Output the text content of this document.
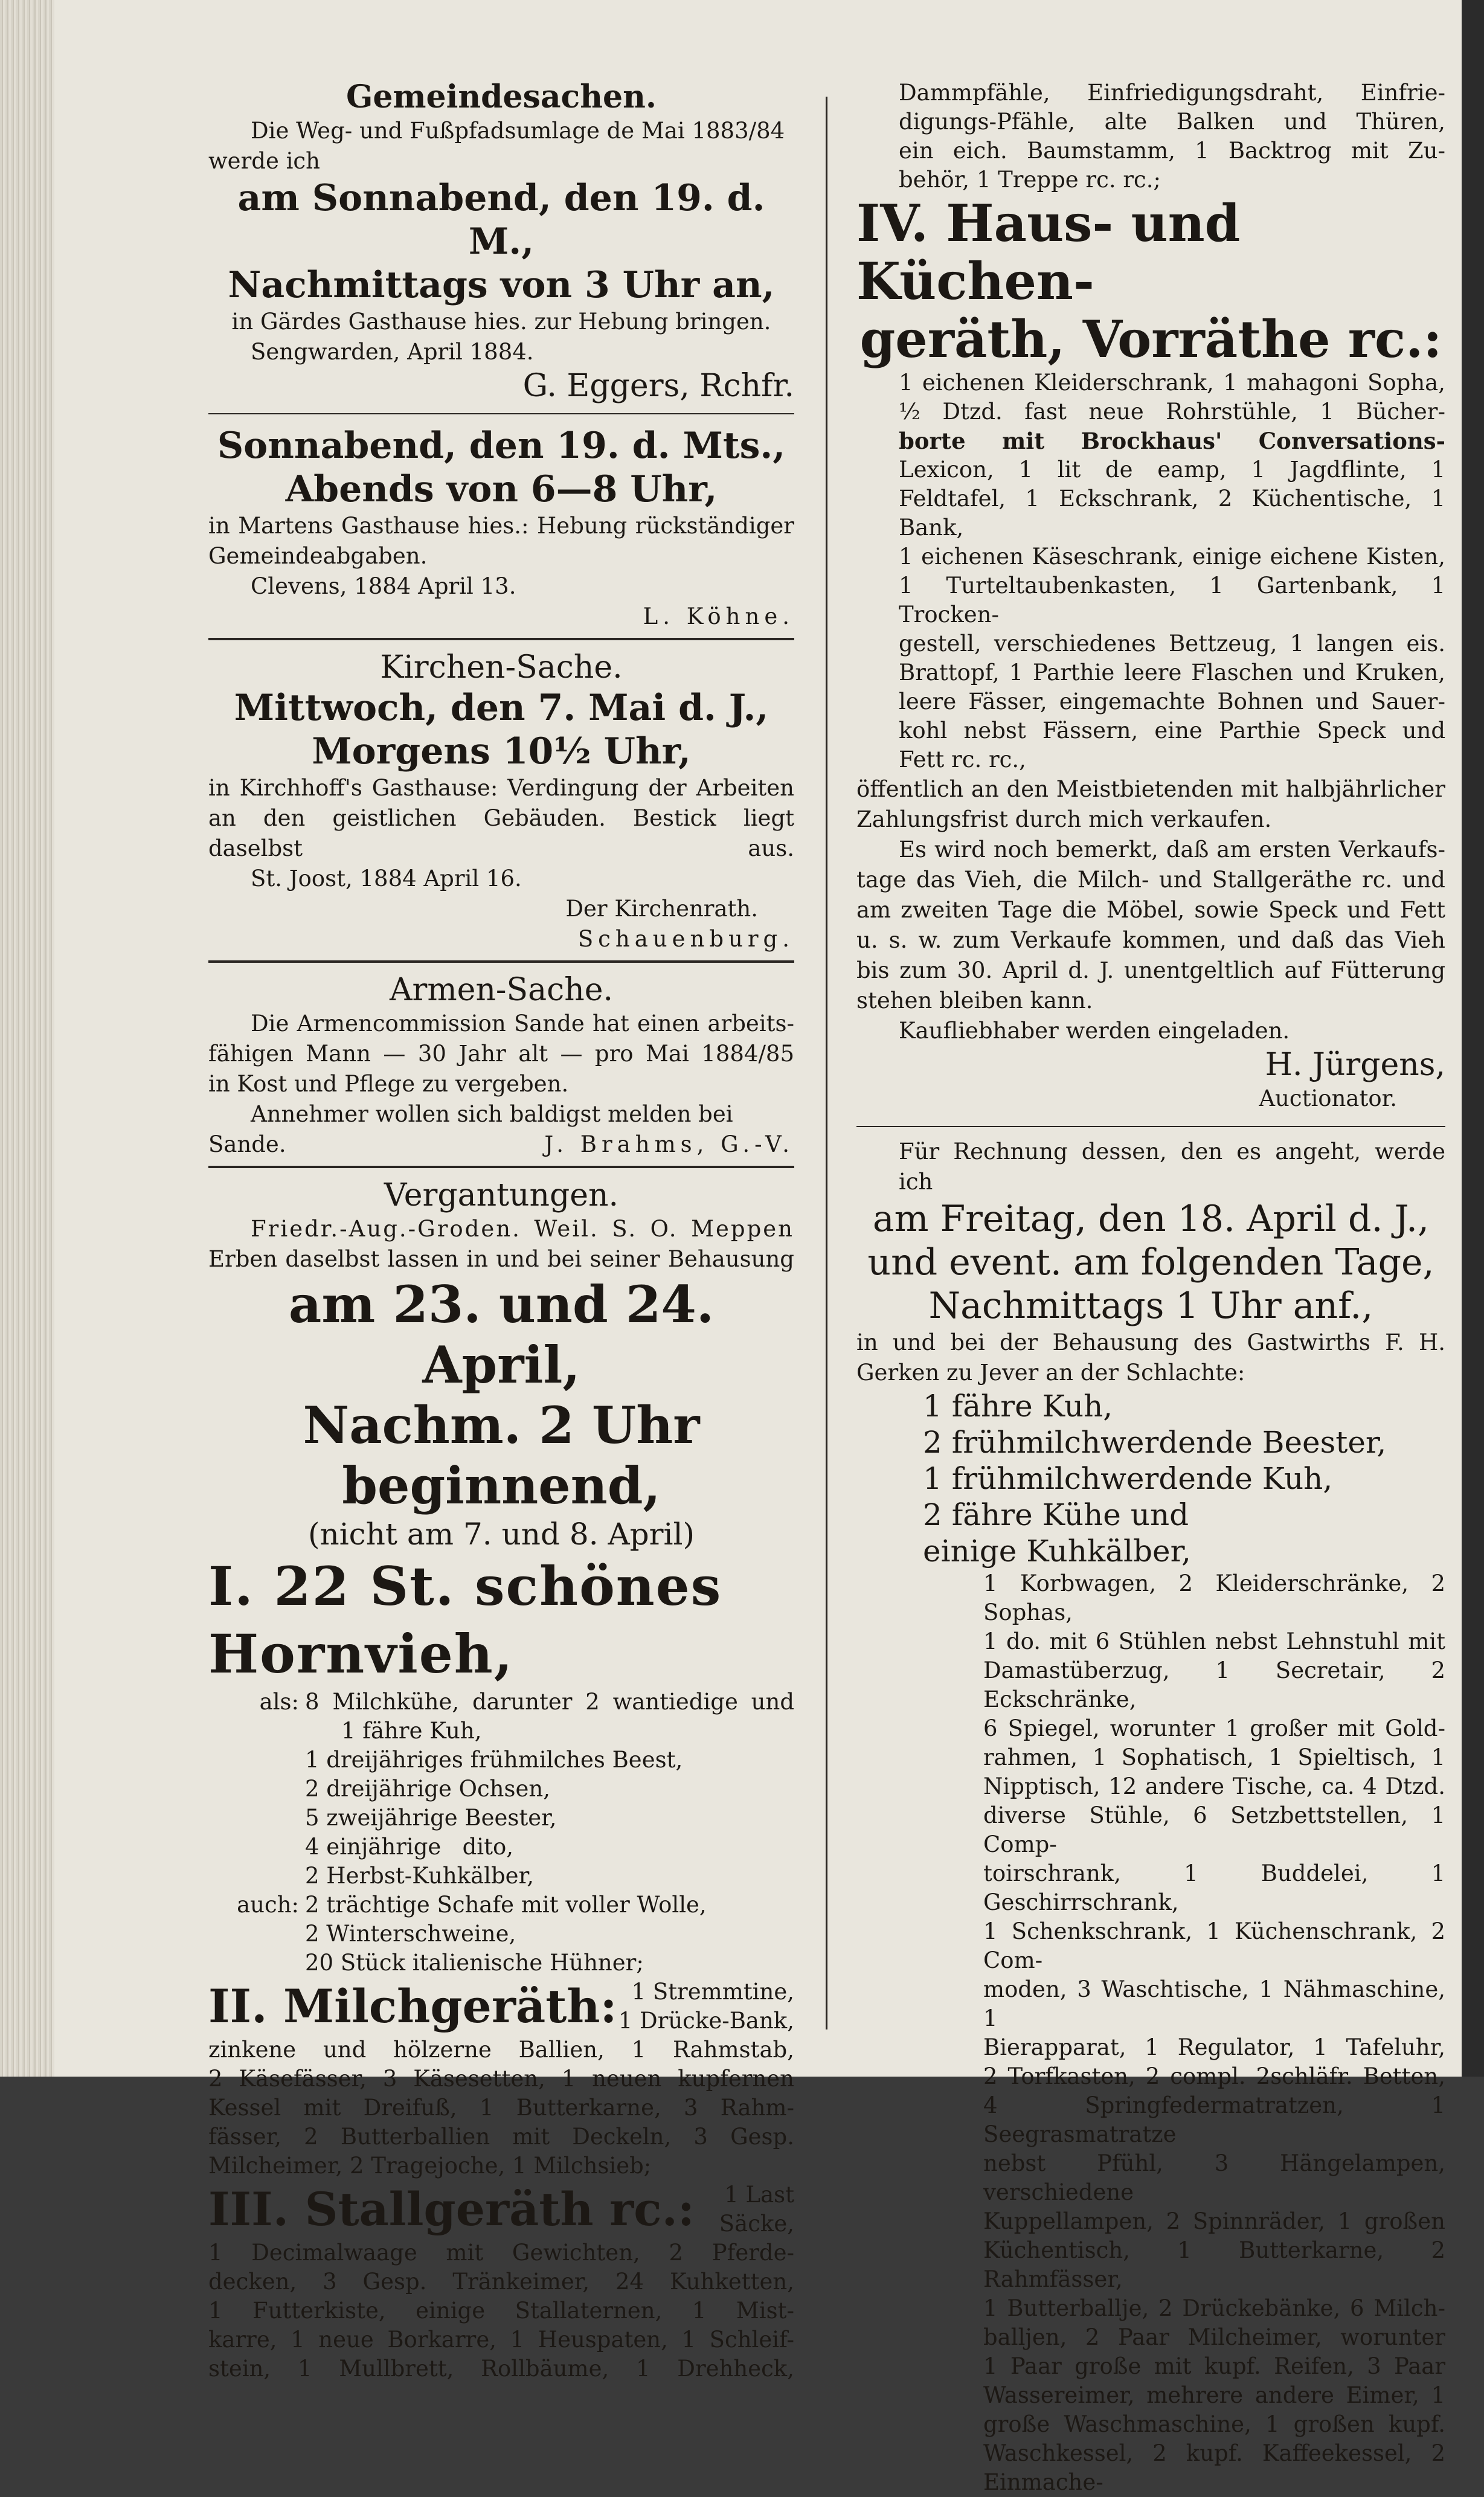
Gemeindesachen.

Die Weg- und Fußpfadsumlage de Mai 1883/84

werde ich

am Sonnabend, den 19. d. M.,

Nachmittags von 3 Uhr an,

in Gärdes Gasthause hies. zur Hebung bringen.

Sengwarden, April 1884.

G. Eggers, Rchfr.

Sonnabend, den 19. d. Mts.,

Abends von 6—8 Uhr,

in Martens Gasthause hies.: Hebung rückständiger

Gemeindeabgaben.

Clevens, 1884 April 13.

L. Köhne.

Kirchen-Sache.

Mittwoch, den 7. Mai d. J.,

Morgens 10½ Uhr,

in Kirchhoff's Gasthause: Verdingung der Arbeiten

an den geistlichen Gebäuden. Bestick liegt daselbst aus.

St. Joost, 1884 April 16.

Der Kirchenrath.

Schauenburg.

Armen-Sache.

Die Armencommission Sande hat einen arbeits-

fähigen Mann — 30 Jahr alt — pro Mai 1884/85

in Kost und Pflege zu vergeben.

Annehmer wollen sich baldigst melden bei

Sande.	J. Brahms, G.-V.

Vergantungen.

Friedr.-Aug.-Groden. Weil. S. O. Meppen

Erben daselbst lassen in und bei seiner Behausung

am 23. und 24. April,

Nachm. 2 Uhr beginnend,

(nicht am 7. und 8. April)

I. 22 St. schönes Hornvieh,

als: 8 Milchkühe, darunter 2 wantiedige und

1 fähre Kuh,

1 dreijähriges frühmilches Beest,

2 dreijährige Ochsen,

5 zweijährige Beester,

4 einjährige   dito,

2 Herbst-Kuhkälber,

auch: 2 trächtige Schafe mit voller Wolle,

2 Winterschweine,

20 Stück italienische Hühner;

II. Milchgeräth: 1 Stremmtine,

1 Drücke-Bank,

zinkene und hölzerne Ballien, 1 Rahmstab,

2 Käsefässer, 3 Käsesetten, 1 neuen kupfernen

Kessel mit Dreifuß, 1 Butterkarne, 3 Rahm-

fässer, 2 Butterballien mit Deckeln, 3 Gesp.

Milcheimer, 2 Tragejoche, 1 Milchsieb;

III. Stallgeräth rc.:	1 Last

Säcke,

1 Decimalwaage mit Gewichten, 2 Pferde-

decken, 3 Gesp. Tränkeimer, 24 Kuhketten,

1 Futterkiste, einige Stallaternen, 1 Mist-

karre, 1 neue Borkarre, 1 Heuspaten, 1 Schleif-

stein, 1 Mullbrett, Rollbäume, 1 Drehheck,

Dammpfähle, Einfriedigungsdraht, Einfrie-

digungs-Pfähle, alte Balken und Thüren,

ein eich. Baumstamm, 1 Backtrog mit Zu-

behör, 1 Treppe rc. rc.;

IV. Haus- und Küchen-

geräth, Vorräthe rc.:

1 eichenen Kleiderschrank, 1 mahagoni Sopha,

½ Dtzd. fast neue Rohrstühle, 1 Bücher-

borte mit Brockhaus' Conversations-

Lexicon, 1 lit de eamp, 1 Jagdflinte, 1

Feldtafel, 1 Eckschrank, 2 Küchentische, 1 Bank,

1 eichenen Käseschrank, einige eichene Kisten,

1 Turteltaubenkasten, 1 Gartenbank, 1 Trocken-

gestell, verschiedenes Bettzeug, 1 langen eis.

Brattopf, 1 Parthie leere Flaschen und Kruken,

leere Fässer, eingemachte Bohnen und Sauer-

kohl nebst Fässern, eine Parthie Speck und

Fett rc. rc.,

öffentlich an den Meistbietenden mit halbjährlicher

Zahlungsfrist durch mich verkaufen.

Es wird noch bemerkt, daß am ersten Verkaufs-

tage das Vieh, die Milch- und Stallgeräthe rc. und

am zweiten Tage die Möbel, sowie Speck und Fett

u. s. w. zum Verkaufe kommen, und daß das Vieh

bis zum 30. April d. J. unentgeltlich auf Fütterung

stehen bleiben kann.

Kaufliebhaber werden eingeladen.

H. Jürgens,

Auctionator.

Für Rechnung dessen, den es angeht, werde ich

am Freitag, den 18. April d. J.,

und event. am folgenden Tage,

Nachmittags 1 Uhr anf.,

in und bei der Behausung des Gastwirths F. H.

Gerken zu Jever an der Schlachte:

1 fähre Kuh,

2 frühmilchwerdende Beester,

1 frühmilchwerdende Kuh,

2 fähre Kühe und

einige Kuhkälber,

1 Korbwagen, 2 Kleiderschränke, 2 Sophas,

1 do. mit 6 Stühlen nebst Lehnstuhl mit

Damastüberzug, 1 Secretair, 2 Eckschränke,

6 Spiegel, worunter 1 großer mit Gold-

rahmen, 1 Sophatisch, 1 Spieltisch, 1

Nipptisch, 12 andere Tische, ca. 4 Dtzd.

diverse Stühle, 6 Setzbettstellen, 1 Comp-

toirschrank, 1 Buddelei, 1 Geschirrschrank,

1 Schenkschrank, 1 Küchenschrank, 2 Com-

moden, 3 Waschtische, 1 Nähmaschine, 1

Bierapparat, 1 Regulator, 1 Tafeluhr,

2 Torfkasten, 2 compl. 2schläfr. Betten,

4 Springfedermatratzen, 1 Seegrasmatratze

nebst Pfühl, 3 Hängelampen, verschiedene

Kuppellampen, 2 Spinnräder, 1 großen

Küchentisch, 1 Butterkarne, 2 Rahmfässer,

1 Butterballje, 2 Drückebänke, 6 Milch-

balljen, 2 Paar Milcheimer, worunter

1 Paar große mit kupf. Reifen, 3 Paar

Wassereimer, mehrere andere Eimer, 1

große Waschmaschine, 1 großen kupf.

Waschkessel, 2 kupf. Kaffeekessel, 2 Einmache-
